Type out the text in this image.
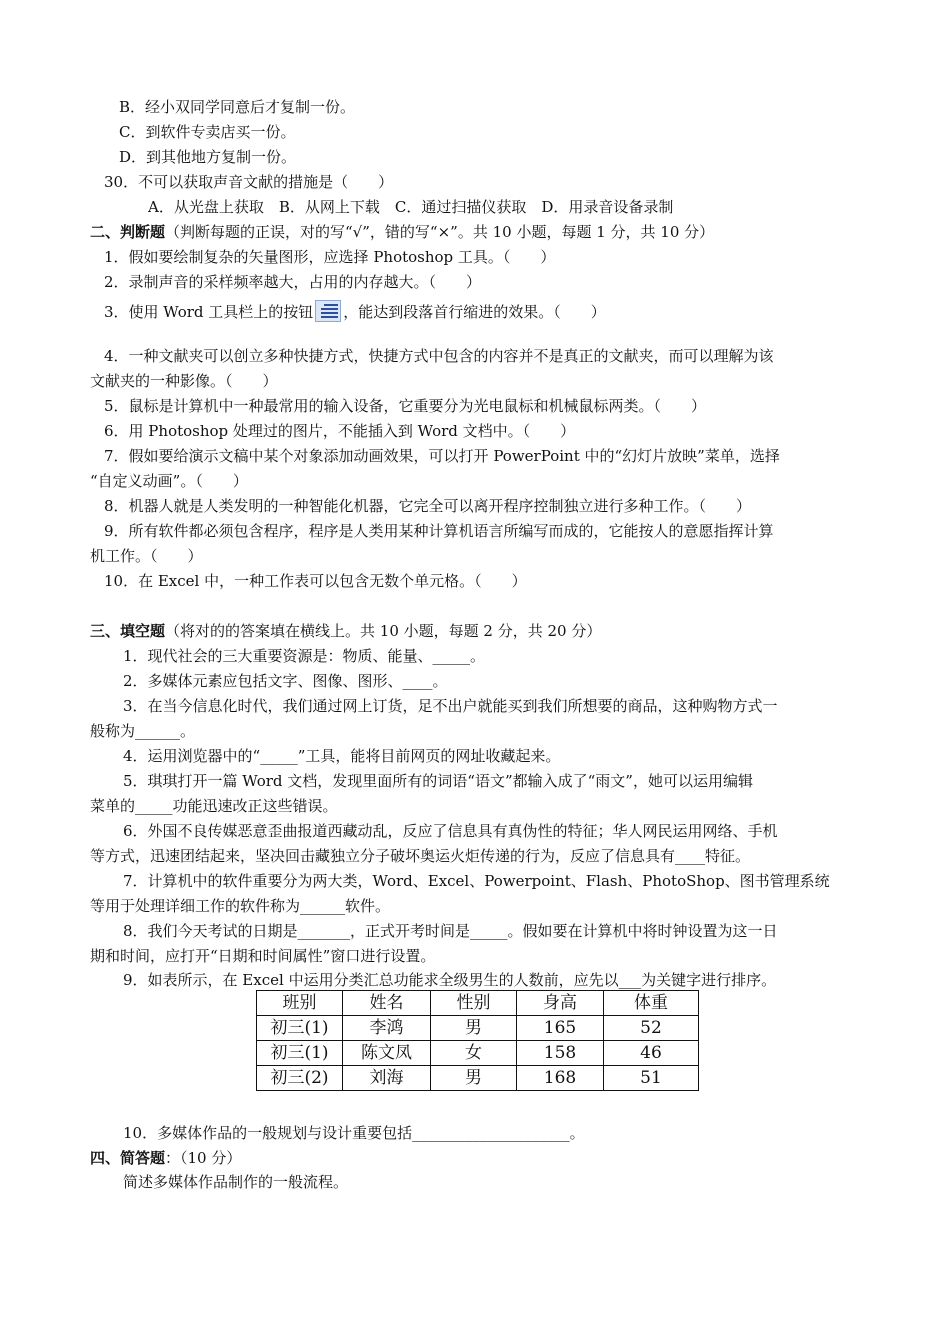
B．经小双同学同意后才复制一份。
C．到软件专卖店买一份。
D．到其他地方复制一份。
30．不可以获取声音文献的措施是（　　）
A．从光盘上获取　B．从网上下载　C．通过扫描仪获取　D．用录音设备录制
二、判断题（判断每题的正误，对的写“√”，错的写“×”。共 10 小题，每题 1 分，共 10 分）
1．假如要绘制复杂的矢量图形，应选择 Photoshop 工具。（　　）
2．录制声音的采样频率越大，占用的内存越大。（　　）
3．使用 Word 工具栏上的按钮 ，能达到段落首行缩进的效果。（　　）
4．一种文献夹可以创立多种快捷方式，快捷方式中包含的内容并不是真正的文献夹，而可以理解为该
文献夹的一种影像。（　　）
5．鼠标是计算机中一种最常用的输入设备，它重要分为光电鼠标和机械鼠标两类。（　　）
6．用 Photoshop 处理过的图片，不能插入到 Word 文档中。（　　）
7．假如要给演示文稿中某个对象添加动画效果，可以打开 PowerPoint 中的“幻灯片放映”菜单，选择
“自定义动画”。（　　）
8．机器人就是人类发明的一种智能化机器，它完全可以离开程序控制独立进行多种工作。（　　）
9．所有软件都必须包含程序，程序是人类用某种计算机语言所编写而成的，它能按人的意愿指挥计算
机工作。（　　）
10．在 Excel 中，一种工作表可以包含无数个单元格。（　　）
三、填空题（将对的的答案填在横线上。共 10 小题，每题 2 分，共 20 分）
1．现代社会的三大重要资源是：物质、能量、_____。
2．多媒体元素应包括文字、图像、图形、____。
3．在当今信息化时代，我们通过网上订货，足不出户就能买到我们所想要的商品，这种购物方式一
般称为______。
4．运用浏览器中的“_____”工具，能将目前网页的网址收藏起来。
5．琪琪打开一篇 Word 文档，发现里面所有的词语“语文”都输入成了“雨文”，她可以运用编辑
菜单的_____功能迅速改正这些错误。
6．外国不良传媒恶意歪曲报道西藏动乱，反应了信息具有真伪性的特征；华人网民运用网络、手机
等方式，迅速团结起来，坚决回击藏独立分子破坏奥运火炬传递的行为，反应了信息具有____特征。
7．计算机中的软件重要分为两大类，Word、Excel、Powerpoint、Flash、PhotoShop、图书管理系统
等用于处理详细工作的软件称为______软件。
8．我们今天考试的日期是_______，正式开考时间是_____。假如要在计算机中将时钟设置为这一日
期和时间，应打开“日期和时间属性”窗口进行设置。
9．如表所示，在 Excel 中运用分类汇总功能求全级男生的人数前，应先以___为关键字进行排序。
班别	姓名	性别	身高	体重
初三(1)	李鸿	男	165	52
初三(1)	陈文凤	女	158	46
初三(2)	刘海	男	168	51
10．多媒体作品的一般规划与设计重要包括_____________________。
四、简答题：（10 分）
简述多媒体作品制作的一般流程。
